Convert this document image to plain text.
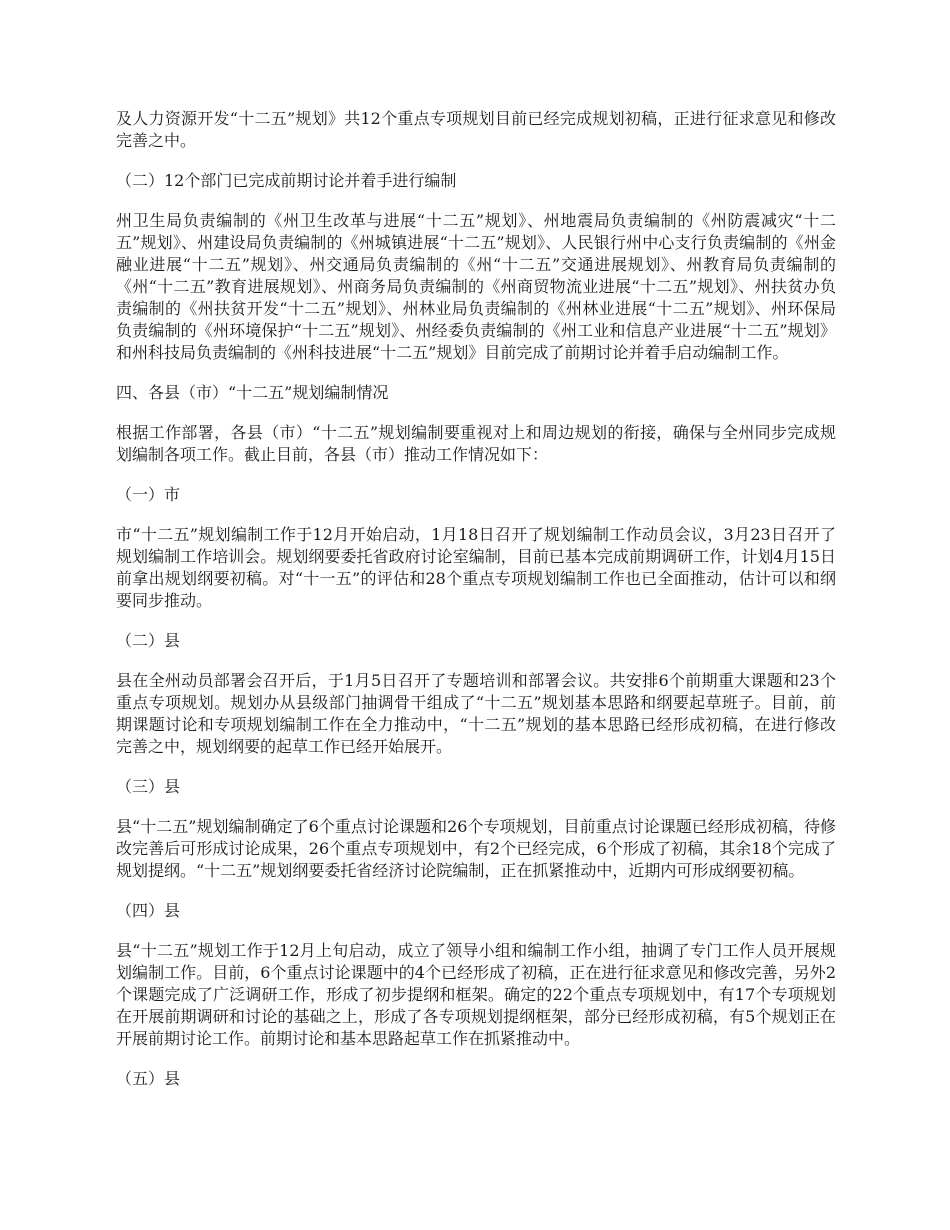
及人力资源开发“十二五”规划》共12个重点专项规划目前已经完成规划初稿，正进行征求意见和修改完善之中。

（二）12个部门已完成前期讨论并着手进行编制

州卫生局负责编制的《州卫生改革与进展“十二五”规划》、州地震局负责编制的《州防震减灾“十二五”规划》、州建设局负责编制的《州城镇进展“十二五”规划》、人民银行州中心支行负责编制的《州金融业进展“十二五”规划》、州交通局负责编制的《州“十二五”交通进展规划》、州教育局负责编制的《州“十二五”教育进展规划》、州商务局负责编制的《州商贸物流业进展“十二五”规划》、州扶贫办负责编制的《州扶贫开发“十二五”规划》、州林业局负责编制的《州林业进展“十二五”规划》、州环保局负责编制的《州环境保护“十二五”规划》、州经委负责编制的《州工业和信息产业进展“十二五”规划》和州科技局负责编制的《州科技进展“十二五”规划》目前完成了前期讨论并着手启动编制工作。

四、各县（市）“十二五”规划编制情况

根据工作部署，各县（市）“十二五”规划编制要重视对上和周边规划的衔接，确保与全州同步完成规划编制各项工作。截止目前，各县（市）推动工作情况如下：

（一）市

市“十二五”规划编制工作于12月开始启动，1月18日召开了规划编制工作动员会议，3月23日召开了规划编制工作培训会。规划纲要委托省政府讨论室编制，目前已基本完成前期调研工作，计划4月15日前拿出规划纲要初稿。对“十一五”的评估和28个重点专项规划编制工作也已全面推动，估计可以和纲要同步推动。

（二）县

县在全州动员部署会召开后，于1月5日召开了专题培训和部署会议。共安排6个前期重大课题和23个重点专项规划。规划办从县级部门抽调骨干组成了“十二五”规划基本思路和纲要起草班子。目前，前期课题讨论和专项规划编制工作在全力推动中，“十二五”规划的基本思路已经形成初稿，在进行修改完善之中，规划纲要的起草工作已经开始展开。

（三）县

县“十二五”规划编制确定了6个重点讨论课题和26个专项规划，目前重点讨论课题已经形成初稿，待修改完善后可形成讨论成果，26个重点专项规划中，有2个已经完成，6个形成了初稿，其余18个完成了规划提纲。“十二五”规划纲要委托省经济讨论院编制，正在抓紧推动中，近期内可形成纲要初稿。

（四）县

县“十二五”规划工作于12月上旬启动，成立了领导小组和编制工作小组，抽调了专门工作人员开展规划编制工作。目前，6个重点讨论课题中的4个已经形成了初稿，正在进行征求意见和修改完善，另外2个课题完成了广泛调研工作，形成了初步提纲和框架。确定的22个重点专项规划中，有17个专项规划在开展前期调研和讨论的基础之上，形成了各专项规划提纲框架，部分已经形成初稿，有5个规划正在开展前期讨论工作。前期讨论和基本思路起草工作在抓紧推动中。

（五）县
